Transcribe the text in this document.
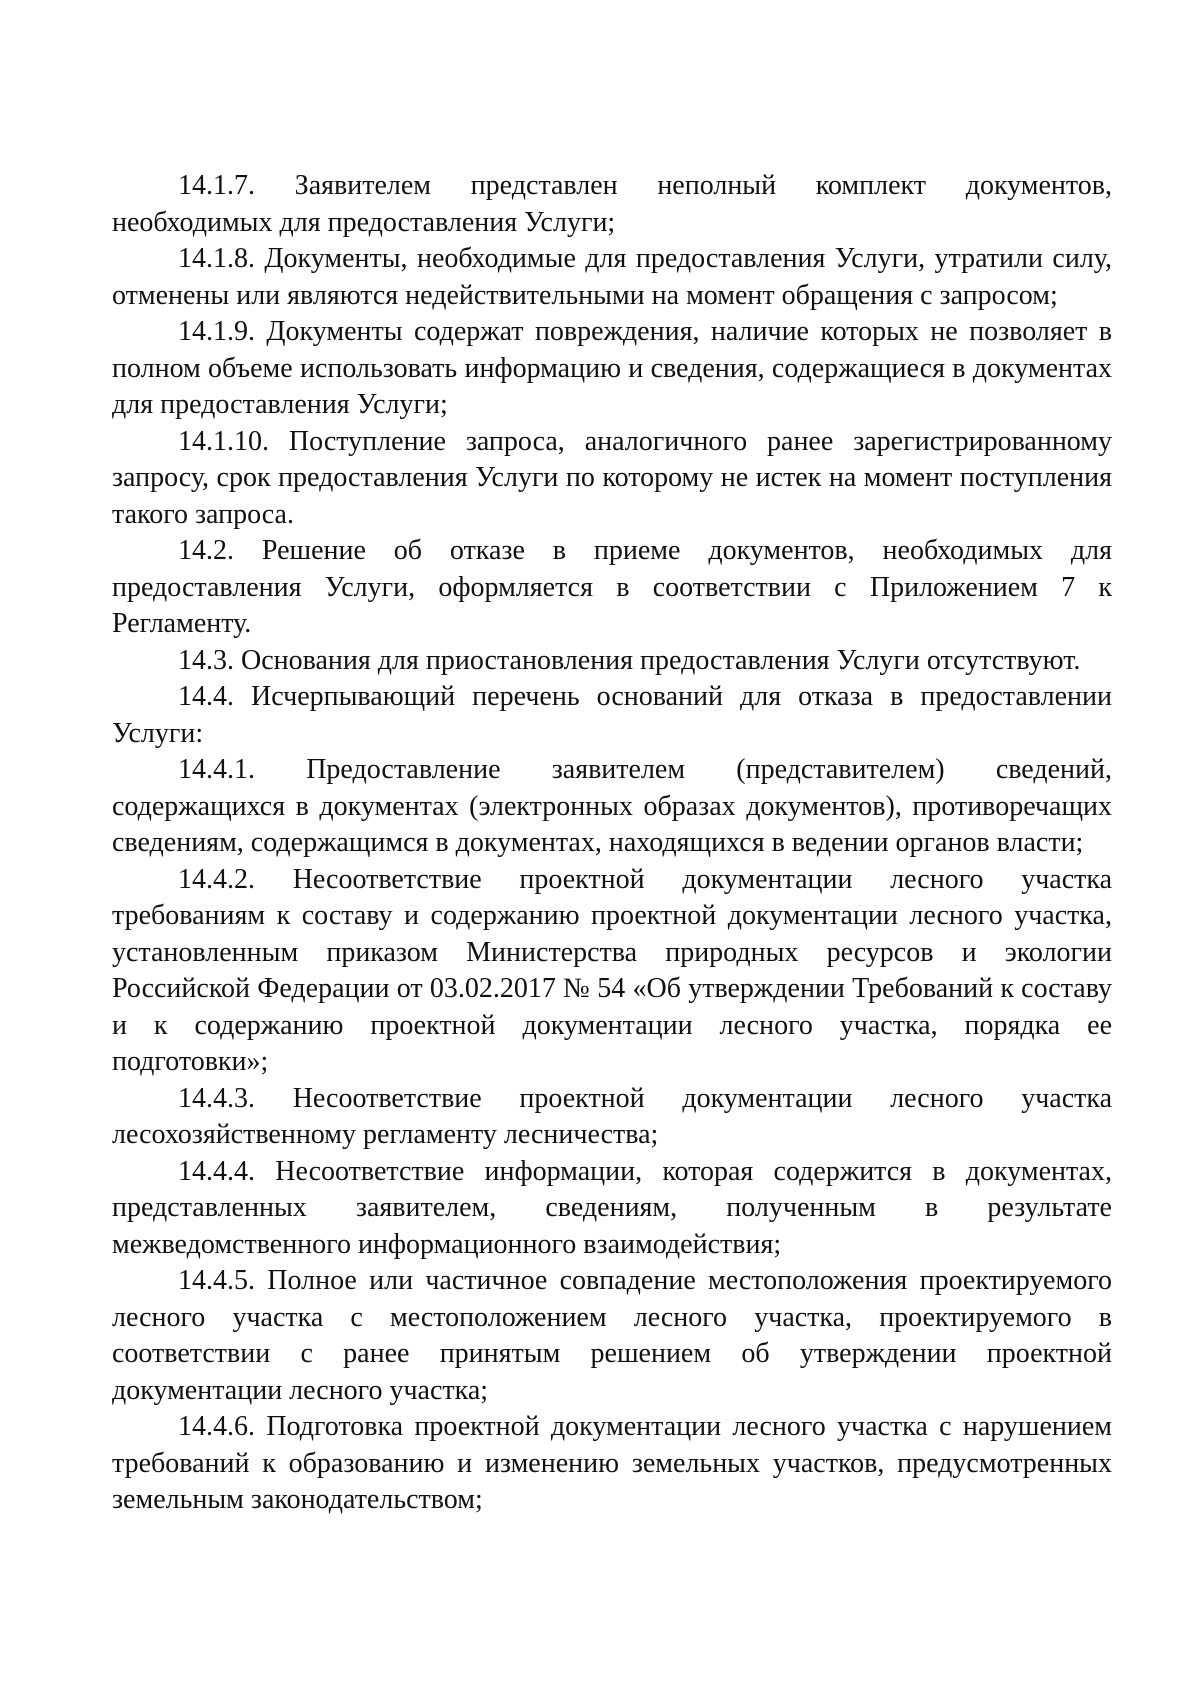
14.1.7. Заявителем представлен неполный комплект документов, необходимых для предоставления Услуги;

14.1.8. Документы, необходимые для предоставления Услуги, утратили силу, отменены или являются недействительными на момент обращения с запросом;

14.1.9. Документы содержат повреждения, наличие которых не позволяет в полном объеме использовать информацию и сведения, содержащиеся в документах для предоставления Услуги;

14.1.10. Поступление запроса, аналогичного ранее зарегистрированному запросу, срок предоставления Услуги по которому не истек на момент поступления такого запроса.

14.2. Решение об отказе в приеме документов, необходимых для предоставления Услуги, оформляется в соответствии с Приложением 7 к Регламенту.

14.3. Основания для приостановления предоставления Услуги отсутствуют.

14.4. Исчерпывающий перечень оснований для отказа в предоставлении Услуги:

14.4.1. Предоставление заявителем (представителем) сведений, содержащихся в документах (электронных образах документов), противоречащих сведениям, содержащимся в документах, находящихся в ведении органов власти;

14.4.2. Несоответствие проектной документации лесного участка требованиям к составу и содержанию проектной документации лесного участка, установленным приказом Министерства природных ресурсов и экологии Российской Федерации от 03.02.2017 № 54 «Об утверждении Требований к составу и к содержанию проектной документации лесного участка, порядка ее подготовки»;

14.4.3. Несоответствие проектной документации лесного участка лесохозяйственному регламенту лесничества;

14.4.4. Несоответствие информации, которая содержится в документах, представленных заявителем, сведениям, полученным в результате межведомственного информационного взаимодействия;

14.4.5. Полное или частичное совпадение местоположения проектируемого лесного участка с местоположением лесного участка, проектируемого в соответствии с ранее принятым решением об утверждении проектной документации лесного участка;

14.4.6. Подготовка проектной документации лесного участка с нарушением требований к образованию и изменению земельных участков, предусмотренных земельным законодательством;
